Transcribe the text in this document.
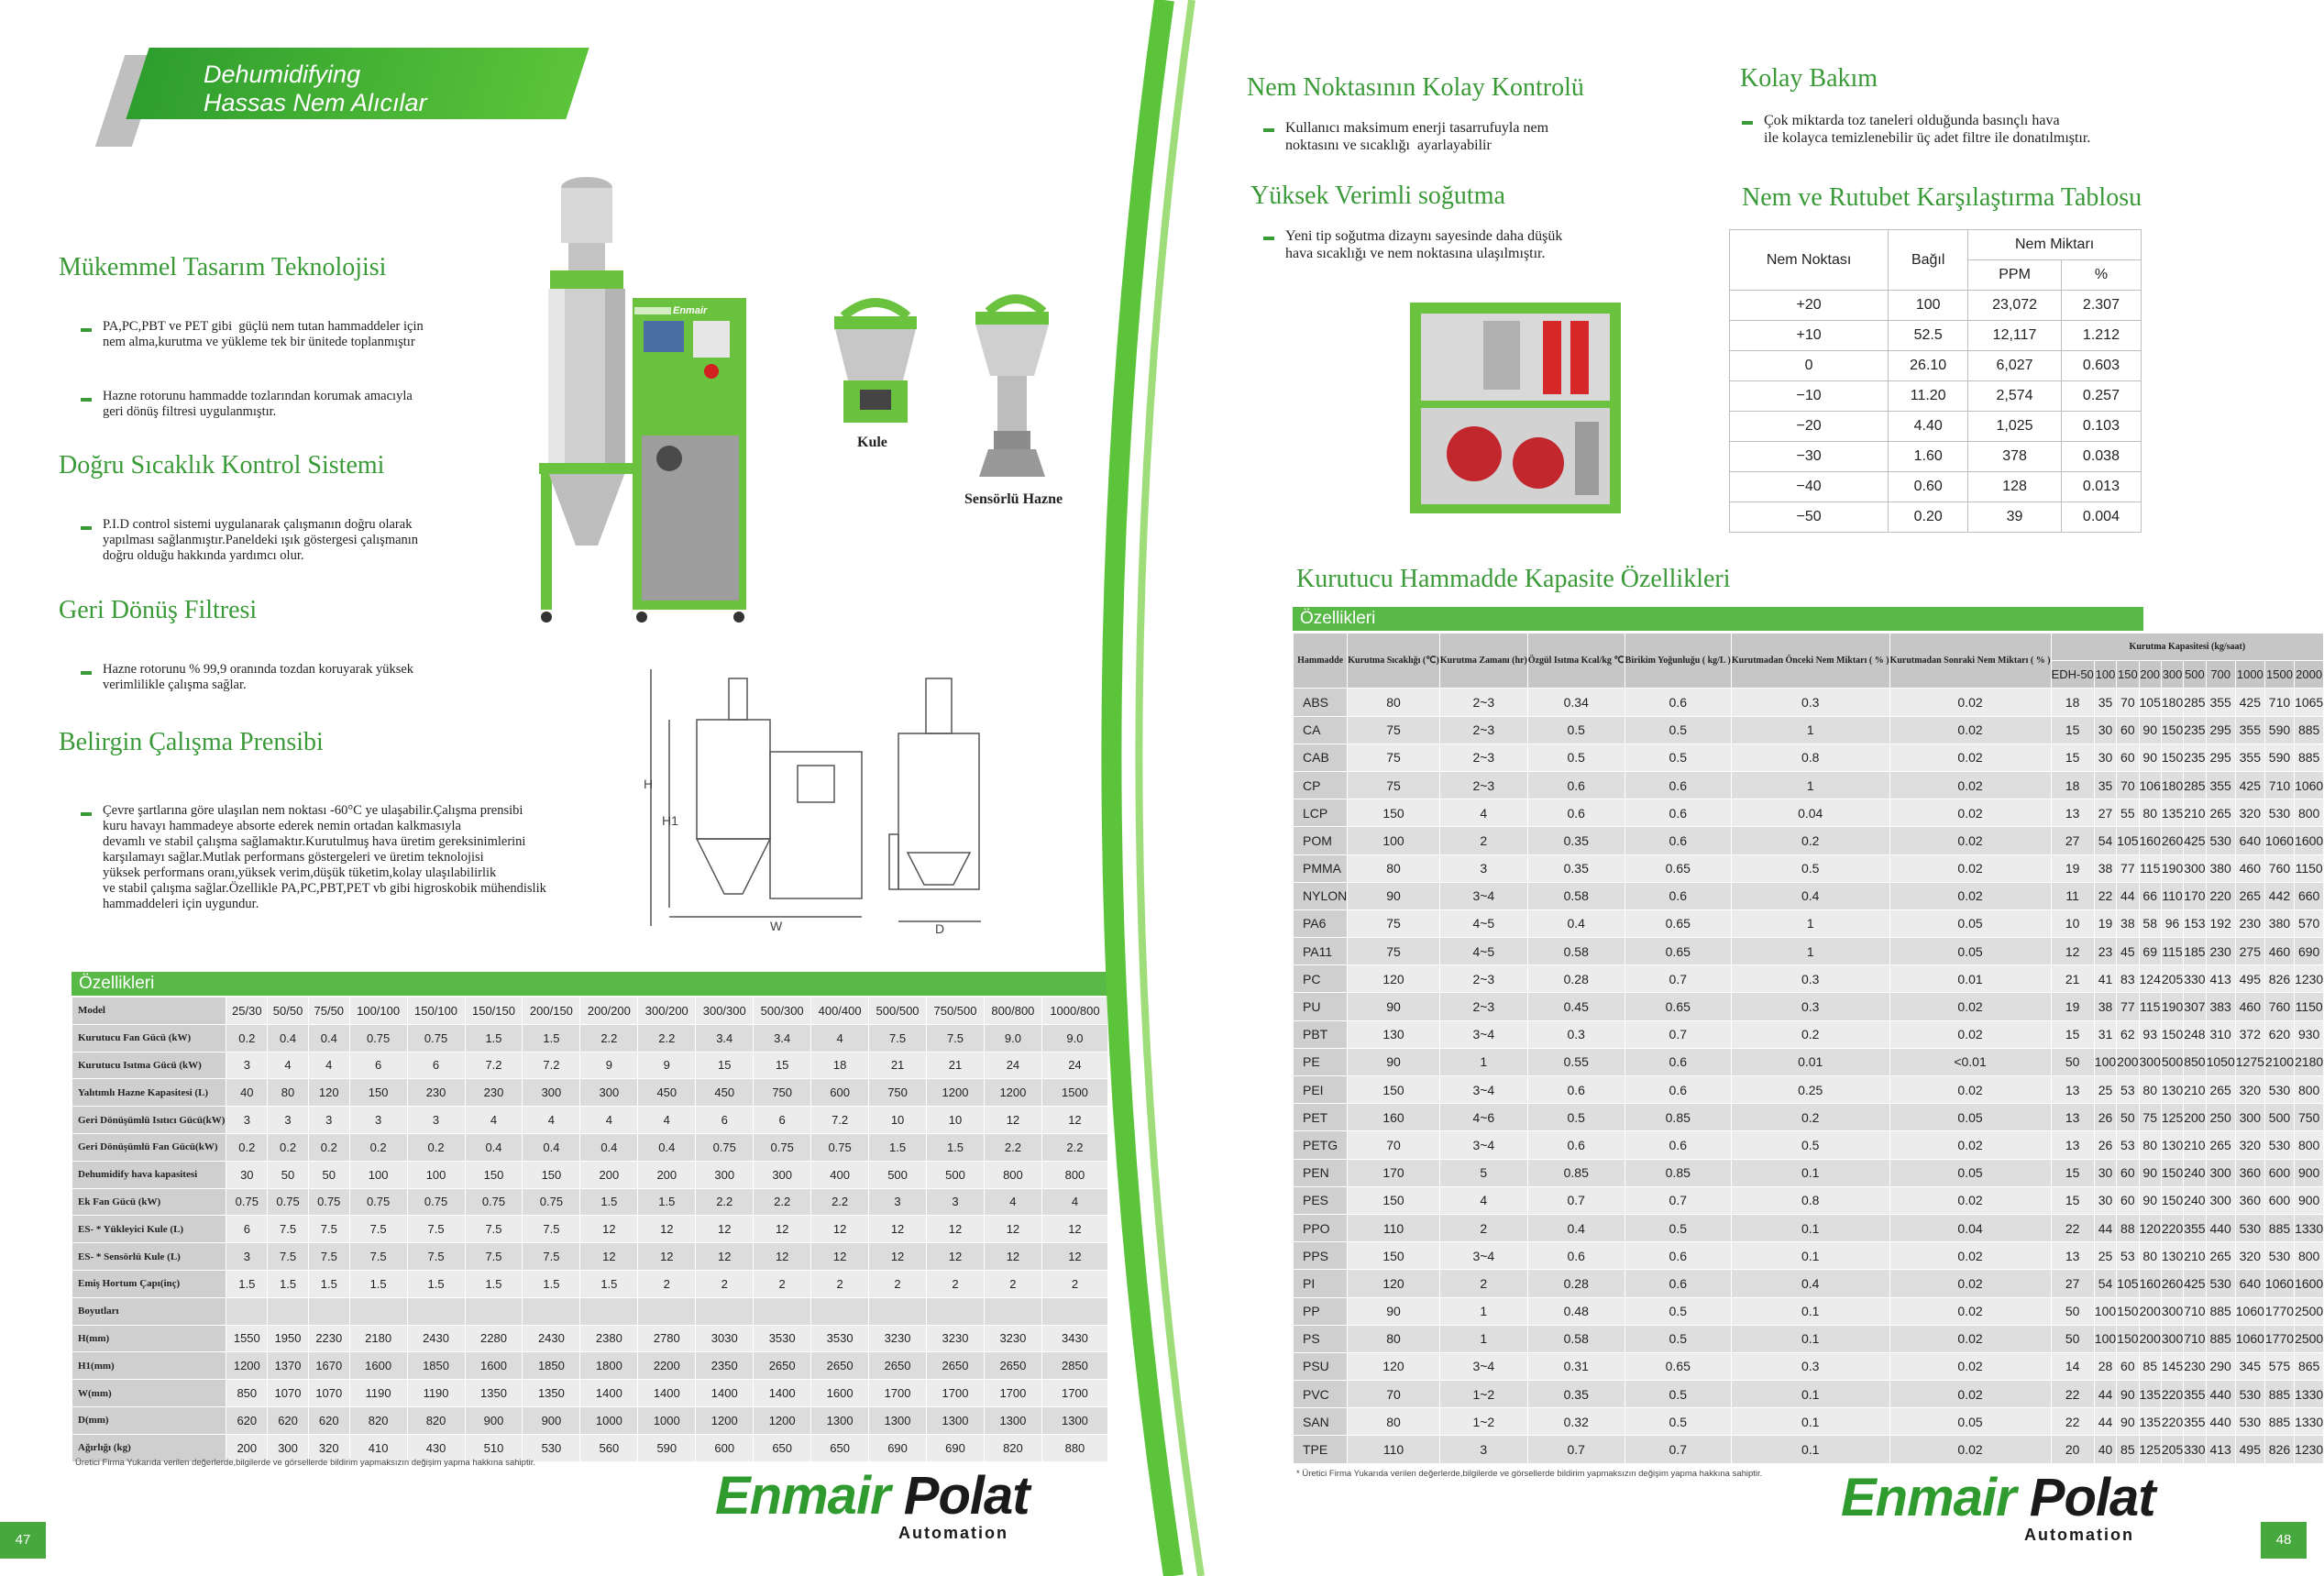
Dehumidifying
Hassas Nem Alıcılar
Mükemmel Tasarım Teknolojisi
PA,PC,PBT ve PET gibi  güçlü nem tutan hammaddeler için
nem alma,kurutma ve yükleme tek bir ünitede toplanmıştır
Hazne rotorunu hammadde tozlarından korumak amacıyla
geri dönüş filtresi uygulanmıştır.
Doğru Sıcaklık Kontrol Sistemi
P.I.D control sistemi uygulanarak çalışmanın doğru olarak
yapılması sağlanmıştır.Paneldeki ışık göstergesi çalışmanın
doğru olduğu hakkında yardımcı olur.
Geri Dönüş Filtresi
Hazne rotorunu % 99,9 oranında tozdan koruyarak yüksek
verimlilikle çalışma sağlar.
Belirgin Çalışma Prensibi
Çevre şartlarına göre ulaşılan nem noktası -60°C ye ulaşabilir.Çalışma prensibi
kuru havayı hammadeye absorte ederek nemin ortadan kalkmasıyla
devamlı ve stabil çalışma sağlamaktır.Kurutulmuş hava üretim gereksinimlerini
karşılamayı sağlar.Mutlak performans göstergeleri ve üretim teknolojisi
yüksek performans oranı,yüksek verim,düşük tüketim,kolay ulaşılabilirlik
ve stabil çalışma sağlar.Özellikle PA,PC,PBT,PET vb gibi higroskobik mühendislik
hammaddeleri için uygundur.
Enmair
Kule
Sensörlü Hazne
H
H1
W	D
Özellikleri
Model	25/30	50/50	75/50	100/100	150/100	150/150	200/150	200/200	300/200	300/300	500/300	400/400	500/500	750/500	800/800	1000/800
Kurutucu Fan Gücü (kW)	0.2	0.4	0.4	0.75	0.75	1.5	1.5	2.2	2.2	3.4	3.4	4	7.5	7.5	9.0	9.0
Kurutucu Isıtma Gücü (kW)	3	4	4	6	6	7.2	7.2	9	9	15	15	18	21	21	24	24
Yalıtımlı Hazne Kapasitesi (L)	40	80	120	150	230	230	300	300	450	450	750	600	750	1200	1200	1500
Geri Dönüşümlü Isıtıcı Gücü(kW)	3	3	3	3	3	4	4	4	4	6	6	7.2	10	10	12	12
Geri Dönüşümlü Fan Gücü(kW)	0.2	0.2	0.2	0.2	0.2	0.4	0.4	0.4	0.4	0.75	0.75	0.75	1.5	1.5	2.2	2.2
Dehumidify hava kapasitesi	30	50	50	100	100	150	150	200	200	300	300	400	500	500	800	800
Ek Fan Gücü (kW)	0.75	0.75	0.75	0.75	0.75	0.75	0.75	1.5	1.5	2.2	2.2	2.2	3	3	4	4
ES- * Yükleyici Kule (L)	6	7.5	7.5	7.5	7.5	7.5	7.5	12	12	12	12	12	12	12	12	12
ES- * Sensörlü Kule (L)	3	7.5	7.5	7.5	7.5	7.5	7.5	12	12	12	12	12	12	12	12	12
Emiş Hortum Çapı(inç)	1.5	1.5	1.5	1.5	1.5	1.5	1.5	1.5	2	2	2	2	2	2	2	2
Boyutları																
H(mm)	1550	1950	2230	2180	2430	2280	2430	2380	2780	3030	3530	3530	3230	3230	3230	3430
H1(mm)	1200	1370	1670	1600	1850	1600	1850	1800	2200	2350	2650	2650	2650	2650	2650	2850
W(mm)	850	1070	1070	1190	1190	1350	1350	1400	1400	1400	1400	1600	1700	1700	1700	1700
D(mm)	620	620	620	820	820	900	900	1000	1000	1200	1200	1300	1300	1300	1300	1300
Ağırlığı (kg)	200	300	320	410	430	510	530	560	590	600	650	650	690	690	820	880
Üretici Firma Yukarıda verilen değerlerde,bilgilerde ve görsellerde bildirim yapmaksızın değişim yapma hakkına sahiptir.
Enmair Polat
Automation
47
Nem Noktasının Kolay Kontrolü
Kullanıcı maksimum enerji tasarrufuyla nem
noktasını ve sıcaklığı  ayarlayabilir
Yüksek Verimli soğutma
Yeni tip soğutma dizaynı sayesinde daha düşük
hava sıcaklığı ve nem noktasına ulaşılmıştır.
Kolay Bakım
Çok miktarda toz taneleri olduğunda basınçlı hava
ile kolayca temizlenebilir üç adet filtre ile donatılmıştır.
Nem ve Rutubet Karşılaştırma Tablosu
Nem Noktası	Bağıl	Nem Miktarı	
		PPM	%
+20	100	23,072	2.307
+10	52.5	12,117	1.212
0	26.10	6,027	0.603
−10	11.20	2,574	0.257
−20	4.40	1,025	0.103
−30	1.60	378	0.038
−40	0.60	128	0.013
−50	0.20	39	0.004
Kurutucu Hammadde Kapasite Özellikleri
Özellikleri
Hammadde	Kurutma Sıcaklığı (℃)	Kurutma Zamanı (hr)	Özgül Isıtma Kcal/kg ℃	Birikim Yoğunluğu ( kg/L )	Kurutmadan Önceki Nem Miktarı ( % )	Kurutmadan Sonraki Nem Miktarı ( % )	Kurutma Kapasitesi (kg/saat)									
							EDH-50	100	150	200	300	500	700	1000	1500	2000
ABS	80	2~3	0.34	0.6	0.3	0.02	18	35	70	105	180	285	355	425	710	1065
CA	75	2~3	0.5	0.5	1	0.02	15	30	60	90	150	235	295	355	590	885
CAB	75	2~3	0.5	0.5	0.8	0.02	15	30	60	90	150	235	295	355	590	885
CP	75	2~3	0.6	0.6	1	0.02	18	35	70	106	180	285	355	425	710	1060
LCP	150	4	0.6	0.6	0.04	0.02	13	27	55	80	135	210	265	320	530	800
POM	100	2	0.35	0.6	0.2	0.02	27	54	105	160	260	425	530	640	1060	1600
PMMA	80	3	0.35	0.65	0.5	0.02	19	38	77	115	190	300	380	460	760	1150
NYLON	90	3~4	0.58	0.6	0.4	0.02	11	22	44	66	110	170	220	265	442	660
PA6	75	4~5	0.4	0.65	1	0.05	10	19	38	58	96	153	192	230	380	570
PA11	75	4~5	0.58	0.65	1	0.05	12	23	45	69	115	185	230	275	460	690
PC	120	2~3	0.28	0.7	0.3	0.01	21	41	83	124	205	330	413	495	826	1230
PU	90	2~3	0.45	0.65	0.3	0.02	19	38	77	115	190	307	383	460	760	1150
PBT	130	3~4	0.3	0.7	0.2	0.02	15	31	62	93	150	248	310	372	620	930
PE	90	1	0.55	0.6	0.01	<0.01	50	100	200	300	500	850	1050	1275	2100	2180
PEI	150	3~4	0.6	0.6	0.25	0.02	13	25	53	80	130	210	265	320	530	800
PET	160	4~6	0.5	0.85	0.2	0.05	13	26	50	75	125	200	250	300	500	750
PETG	70	3~4	0.6	0.6	0.5	0.02	13	26	53	80	130	210	265	320	530	800
PEN	170	5	0.85	0.85	0.1	0.05	15	30	60	90	150	240	300	360	600	900
PES	150	4	0.7	0.7	0.8	0.02	15	30	60	90	150	240	300	360	600	900
PPO	110	2	0.4	0.5	0.1	0.04	22	44	88	120	220	355	440	530	885	1330
PPS	150	3~4	0.6	0.6	0.1	0.02	13	25	53	80	130	210	265	320	530	800
PI	120	2	0.28	0.6	0.4	0.02	27	54	105	160	260	425	530	640	1060	1600
PP	90	1	0.48	0.5	0.1	0.02	50	100	150	200	300	710	885	1060	1770	2500
PS	80	1	0.58	0.5	0.1	0.02	50	100	150	200	300	710	885	1060	1770	2500
PSU	120	3~4	0.31	0.65	0.3	0.02	14	28	60	85	145	230	290	345	575	865
PVC	70	1~2	0.35	0.5	0.1	0.02	22	44	90	135	220	355	440	530	885	1330
SAN	80	1~2	0.32	0.5	0.1	0.05	22	44	90	135	220	355	440	530	885	1330
TPE	110	3	0.7	0.7	0.1	0.02	20	40	85	125	205	330	413	495	826	1230
* Üretici Firma Yukarıda verilen değerlerde,bilgilerde ve görsellerde bildirim yapmaksızın değişim yapma hakkına sahiptir. Enmair Polat
Automation	48
